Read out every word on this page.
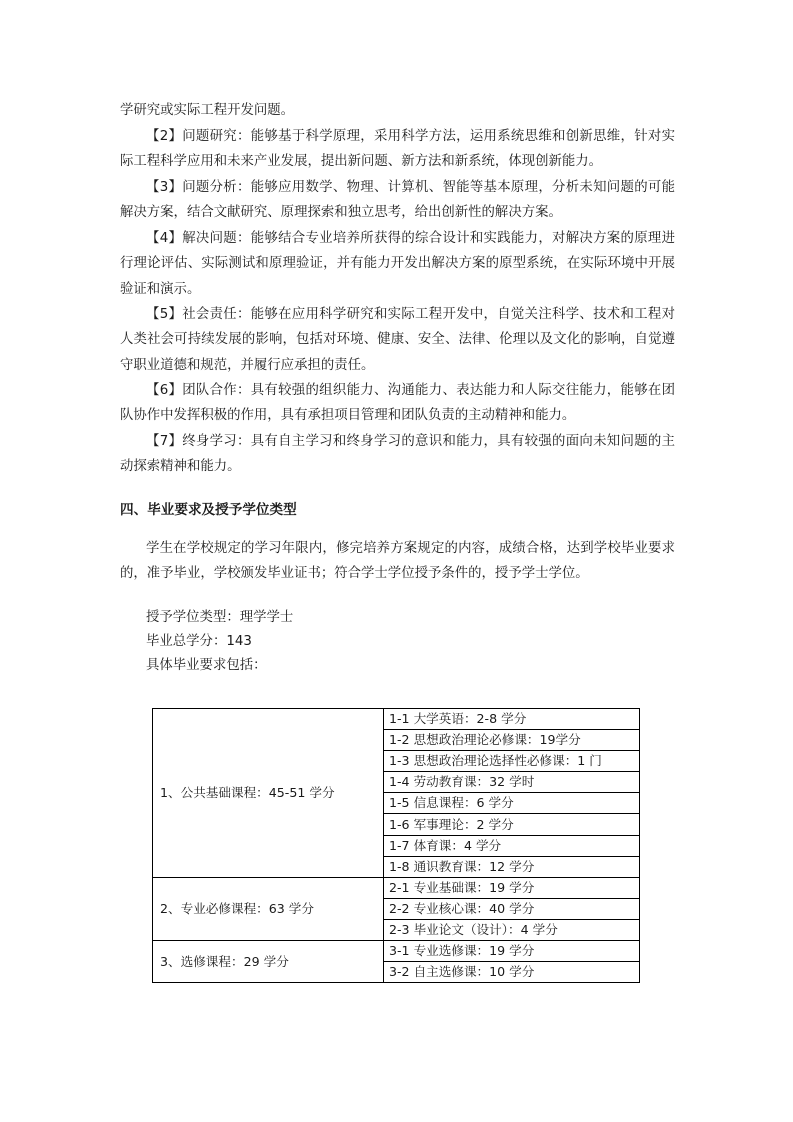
学研究或实际工程开发问题。

【2】问题研究：能够基于科学原理，采用科学方法，运用系统思维和创新思维，针对实际工程科学应用和未来产业发展，提出新问题、新方法和新系统，体现创新能力。

【3】问题分析：能够应用数学、物理、计算机、智能等基本原理，分析未知问题的可能解决方案，结合文献研究、原理探索和独立思考，给出创新性的解决方案。

【4】解决问题：能够结合专业培养所获得的综合设计和实践能力，对解决方案的原理进行理论评估、实际测试和原理验证，并有能力开发出解决方案的原型系统，在实际环境中开展验证和演示。

【5】社会责任：能够在应用科学研究和实际工程开发中，自觉关注科学、技术和工程对人类社会可持续发展的影响，包括对环境、健康、安全、法律、伦理以及文化的影响，自觉遵守职业道德和规范，并履行应承担的责任。

【6】团队合作：具有较强的组织能力、沟通能力、表达能力和人际交往能力，能够在团队协作中发挥积极的作用，具有承担项目管理和团队负责的主动精神和能力。

【7】终身学习：具有自主学习和终身学习的意识和能力，具有较强的面向未知问题的主动探索精神和能力。

四、毕业要求及授予学位类型

学生在学校规定的学习年限内，修完培养方案规定的内容，成绩合格，达到学校毕业要求的，准予毕业，学校颁发毕业证书；符合学士学位授予条件的，授予学士学位。

授予学位类型：理学学士

毕业总学分：143

具体毕业要求包括：

1、公共基础课程：45-51 学分	1-1 大学英语：2-8 学分
	1-2 思想政治理论必修课：19学分
	1-3 思想政治理论选择性必修课：1 门
	1-4 劳动教育课：32 学时
	1-5 信息课程：6 学分
	1-6 军事理论：2 学分
	1-7 体育课：4 学分
	1-8 通识教育课：12 学分
2、专业必修课程：63 学分	2-1 专业基础课：19 学分
	2-2 专业核心课：40 学分
	2-3 毕业论文（设计）：4 学分
3、选修课程：29 学分	3-1 专业选修课：19 学分
	3-2 自主选修课：10 学分
